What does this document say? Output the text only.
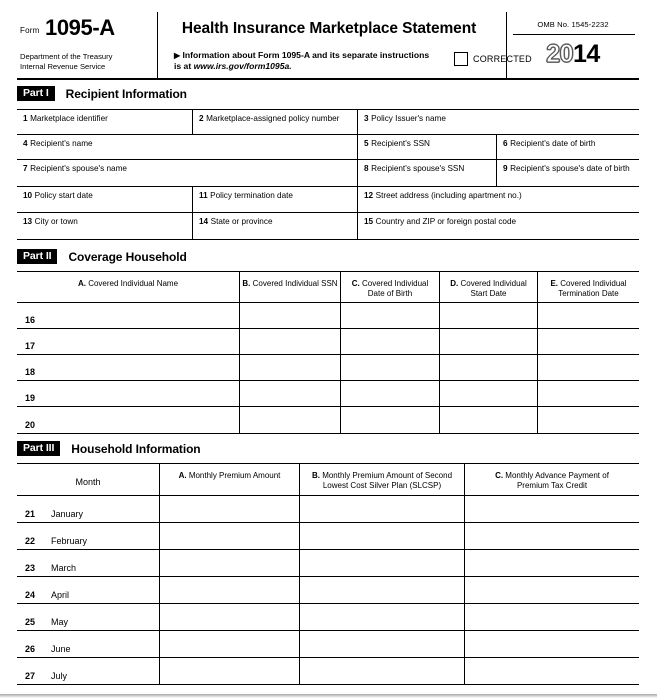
Form 1095-A
Department of the Treasury
Internal Revenue Service
Health Insurance Marketplace Statement
▶ Information about Form 1095-A and its separate instructions
is at www.irs.gov/form1095a.
CORRECTED
OMB No. 1545-2232
2014
Part I	Recipient Information
1 Marketplace identifier	2 Marketplace-assigned policy number	3 Policy Issuer's name
4 Recipient's name	5 Recipient's SSN	6 Recipient's date of birth
7 Recipient's spouse's name	8 Recipient's spouse's SSN	9 Recipient's spouse's date of birth
10 Policy start date	11 Policy termination date	12 Street address (including apartment no.)
13 City or town	14 State or province	15 Country and ZIP or foreign postal code
Part II	Coverage Household
A. Covered Individual Name	B. Covered Individual SSN	C. Covered Individual
Date of Birth
D. Covered Individual
Start Date
E. Covered Individual
Termination Date
16
17
18
19
20
Part III	Household Information
Month
A. Monthly Premium Amount	B. Monthly Premium Amount of Second
Lowest Cost Silver Plan (SLCSP)
C. Monthly Advance Payment of
Premium Tax Credit
21 January
22 February
23 March
24 April
25 May
26 June
27 July
